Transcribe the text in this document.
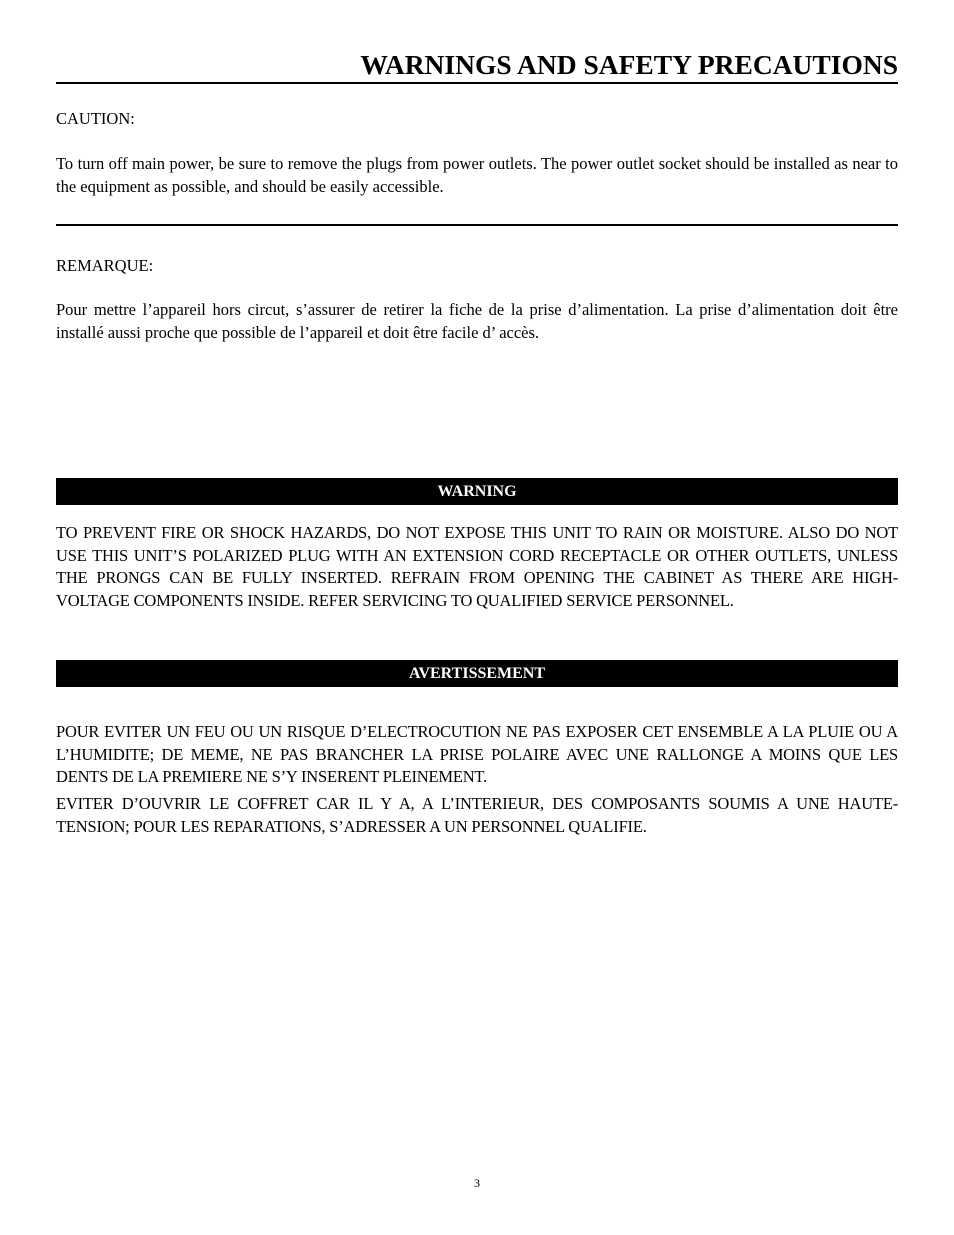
WARNINGS AND SAFETY PRECAUTIONS
CAUTION:
To turn off main power, be sure to remove the plugs from power outlets. The power outlet socket should be installed as near to the equipment as possible, and should be easily accessible.
REMARQUE:
Pour mettre l’appareil hors circut, s’assurer de retirer la fiche de la prise d’alimentation. La prise d’alimentation doit être installé aussi proche que possible de l’appareil et doit être facile d’ accès.
WARNING
TO PREVENT FIRE OR SHOCK HAZARDS, DO NOT EXPOSE THIS UNIT TO RAIN OR MOISTURE. ALSO DO NOT USE THIS UNIT’S POLARIZED PLUG WITH AN EXTENSION CORD RECEPTACLE OR OTHER OUTLETS, UNLESS THE PRONGS CAN BE FULLY INSERTED. REFRAIN FROM OPENING THE CABINET AS THERE ARE HIGH-VOLTAGE COMPONENTS INSIDE. REFER SERVICING TO QUALIFIED SERVICE PERSONNEL.
AVERTISSEMENT
POUR EVITER UN FEU OU UN RISQUE D’ELECTROCUTION NE PAS EXPOSER CET ENSEMBLE A LA PLUIE OU A L’HUMIDITE; DE MEME, NE PAS BRANCHER LA PRISE POLAIRE AVEC UNE RALLONGE A MOINS QUE LES DENTS DE LA PREMIERE NE S’Y INSERENT PLEINEMENT.
EVITER D’OUVRIR LE COFFRET CAR IL Y A, A L’INTERIEUR, DES COMPOSANTS SOUMIS A UNE HAUTE-TENSION; POUR LES REPARATIONS, S’ADRESSER A UN PERSONNEL QUALIFIE.
3
